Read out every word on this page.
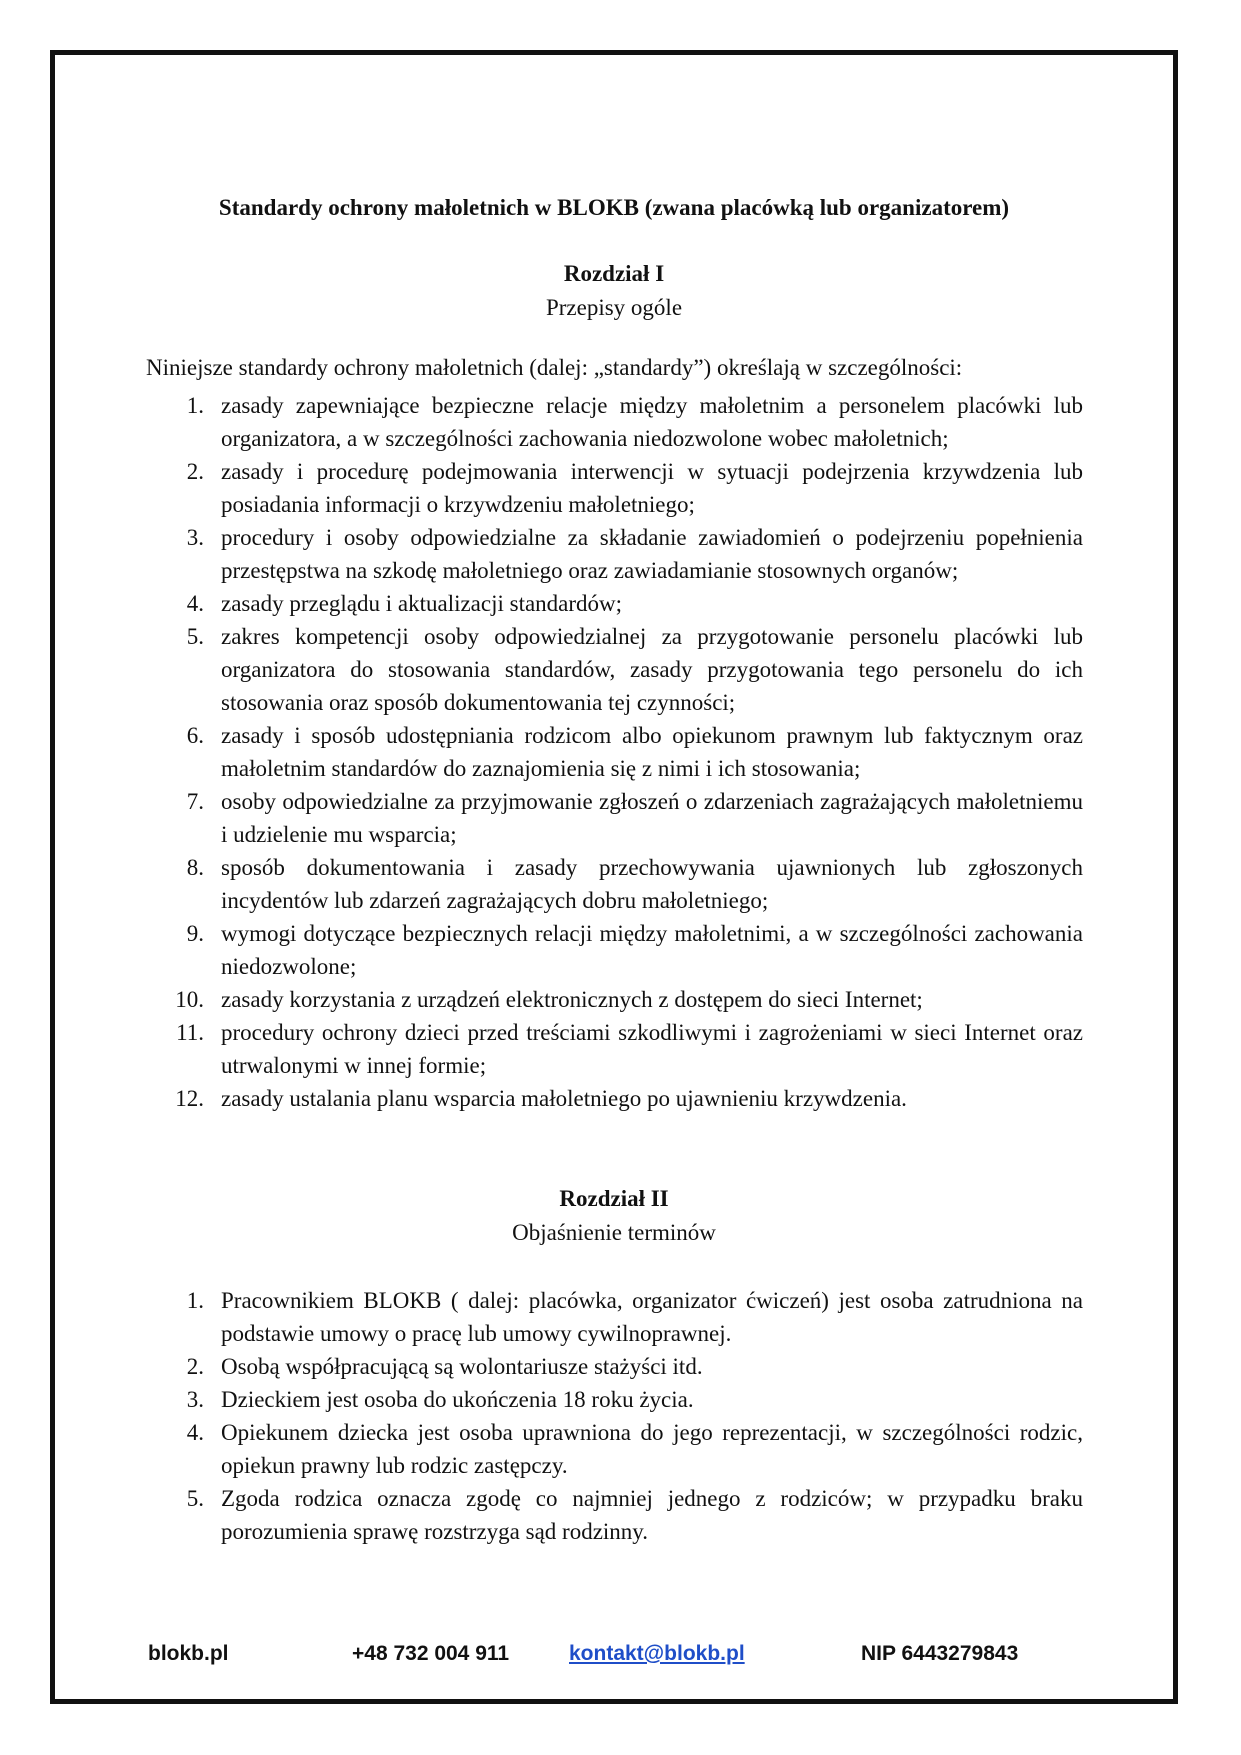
Standardy ochrony małoletnich w BLOKB (zwana placówką lub organizatorem)
Rozdział I
Przepisy ogóle
Niniejsze standardy ochrony małoletnich (dalej: „standardy”) określają w szczególności:
1. zasady zapewniające bezpieczne relacje między małoletnim a personelem placówki lub organizatora, a w szczególności zachowania niedozwolone wobec małoletnich;
2. zasady i procedurę podejmowania interwencji w sytuacji podejrzenia krzywdzenia lub posiadania informacji o krzywdzeniu małoletniego;
3. procedury i osoby odpowiedzialne za składanie zawiadomień o podejrzeniu popełnienia przestępstwa na szkodę małoletniego oraz zawiadamianie stosownych organów;
4. zasady przeglądu i aktualizacji standardów;
5. zakres kompetencji osoby odpowiedzialnej za przygotowanie personelu placówki lub organizatora do stosowania standardów, zasady przygotowania tego personelu do ich stosowania oraz sposób dokumentowania tej czynności;
6. zasady i sposób udostępniania rodzicom albo opiekunom prawnym lub faktycznym oraz małoletnim standardów do zaznajomienia się z nimi i ich stosowania;
7. osoby odpowiedzialne za przyjmowanie zgłoszeń o zdarzeniach zagrażających małoletniemu i udzielenie mu wsparcia;
8. sposób dokumentowania i zasady przechowywania ujawnionych lub zgłoszonych incydentów lub zdarzeń zagrażających dobru małoletniego;
9. wymogi dotyczące bezpiecznych relacji między małoletnimi, a w szczególności zachowania niedozwolone;
10. zasady korzystania z urządzeń elektronicznych z dostępem do sieci Internet;
11. procedury ochrony dzieci przed treściami szkodliwymi i zagrożeniami w sieci Internet oraz utrwalonymi w innej formie;
12. zasady ustalania planu wsparcia małoletniego po ujawnieniu krzywdzenia.
Rozdział II
Objaśnienie terminów
1. Pracownikiem BLOKB ( dalej: placówka, organizator ćwiczeń) jest osoba zatrudniona na podstawie umowy o pracę lub umowy cywilnoprawnej.
2. Osobą współpracującą są wolontariusze stażyści itd.
3. Dzieckiem jest osoba do ukończenia 18 roku życia.
4. Opiekunem dziecka jest osoba uprawniona do jego reprezentacji, w szczególności rodzic, opiekun prawny lub rodzic zastępczy.
5. Zgoda rodzica oznacza zgodę co najmniej jednego z rodziców; w przypadku braku porozumienia sprawę rozstrzyga sąd rodzinny.
blokb.pl	+48 732 004 911	kontakt@blokb.pl	NIP 6443279843
